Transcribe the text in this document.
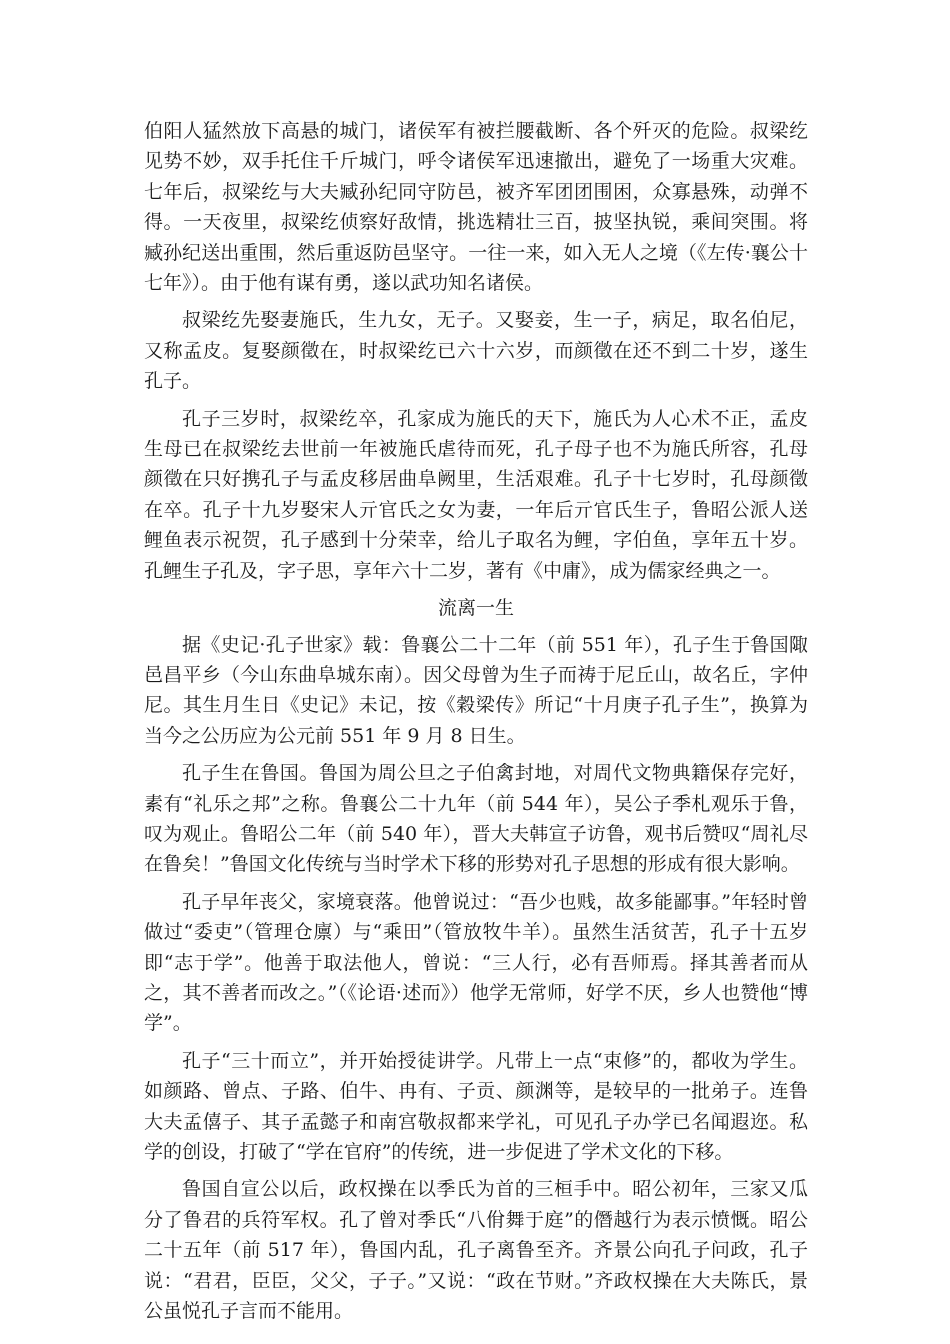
伯阳人猛然放下高悬的城门，诸侯军有被拦腰截断、各个歼灭的危险。叔梁纥见势不妙，双手托住千斤城门，呼令诸侯军迅速撤出，避免了一场重大灾难。七年后，叔梁纥与大夫臧孙纪同守防邑，被齐军团团围困，众寡悬殊，动弹不得。一天夜里，叔梁纥侦察好敌情，挑选精壮三百，披坚执锐，乘间突围。将臧孙纪送出重围，然后重返防邑坚守。一往一来，如入无人之境（《左传·襄公十七年》）。由于他有谋有勇，遂以武功知名诸侯。

叔梁纥先娶妻施氏，生九女，无子。又娶妾，生一子，病足，取名伯尼，又称孟皮。复娶颜徵在，时叔梁纥已六十六岁，而颜徵在还不到二十岁，遂生孔子。

孔子三岁时，叔梁纥卒，孔家成为施氏的天下，施氏为人心术不正，孟皮生母已在叔梁纥去世前一年被施氏虐待而死，孔子母子也不为施氏所容，孔母颜徵在只好携孔子与孟皮移居曲阜阙里，生活艰难。孔子十七岁时，孔母颜徵在卒。孔子十九岁娶宋人亓官氏之女为妻，一年后亓官氏生子，鲁昭公派人送鲤鱼表示祝贺，孔子感到十分荣幸，给儿子取名为鲤，字伯鱼，享年五十岁。孔鲤生子孔及，字子思，享年六十二岁，著有《中庸》，成为儒家经典之一。

流离一生

据《史记·孔子世家》载：鲁襄公二十二年（前 551 年），孔子生于鲁国陬邑昌平乡（今山东曲阜城东南）。因父母曾为生子而祷于尼丘山，故名丘，字仲尼。其生月生日《史记》未记，按《穀梁传》所记“十月庚子孔子生”，换算为当今之公历应为公元前 551 年 9 月 8 日生。

孔子生在鲁国。鲁国为周公旦之子伯禽封地，对周代文物典籍保存完好，素有“礼乐之邦”之称。鲁襄公二十九年（前 544 年），吴公子季札观乐于鲁，叹为观止。鲁昭公二年（前 540 年），晋大夫韩宣子访鲁，观书后赞叹“周礼尽在鲁矣！”鲁国文化传统与当时学术下移的形势对孔子思想的形成有很大影响。

孔子早年丧父，家境衰落。他曾说过：“吾少也贱，故多能鄙事。”年轻时曾做过“委吏”（管理仓廪）与“乘田”（管放牧牛羊）。虽然生活贫苦，孔子十五岁即“志于学”。他善于取法他人，曾说：“三人行，必有吾师焉。择其善者而从之，其不善者而改之。”（《论语·述而》）他学无常师，好学不厌，乡人也赞他“博学”。

孔子“三十而立”，并开始授徒讲学。凡带上一点“束修”的，都收为学生。如颜路、曾点、子路、伯牛、冉有、子贡、颜渊等，是较早的一批弟子。连鲁大夫孟僖子、其子孟懿子和南宫敬叔都来学礼，可见孔子办学已名闻遐迩。私学的创设，打破了“学在官府”的传统，进一步促进了学术文化的下移。

鲁国自宣公以后，政权操在以季氏为首的三桓手中。昭公初年，三家又瓜分了鲁君的兵符军权。孔了曾对季氏“八佾舞于庭”的僭越行为表示愤慨。昭公二十五年（前 517 年），鲁国内乱，孔子离鲁至齐。齐景公向孔子问政，孔子说：“君君，臣臣，父父，子子。”又说：“政在节财。”齐政权操在大夫陈氏，景公虽悦孔子言而不能用。
